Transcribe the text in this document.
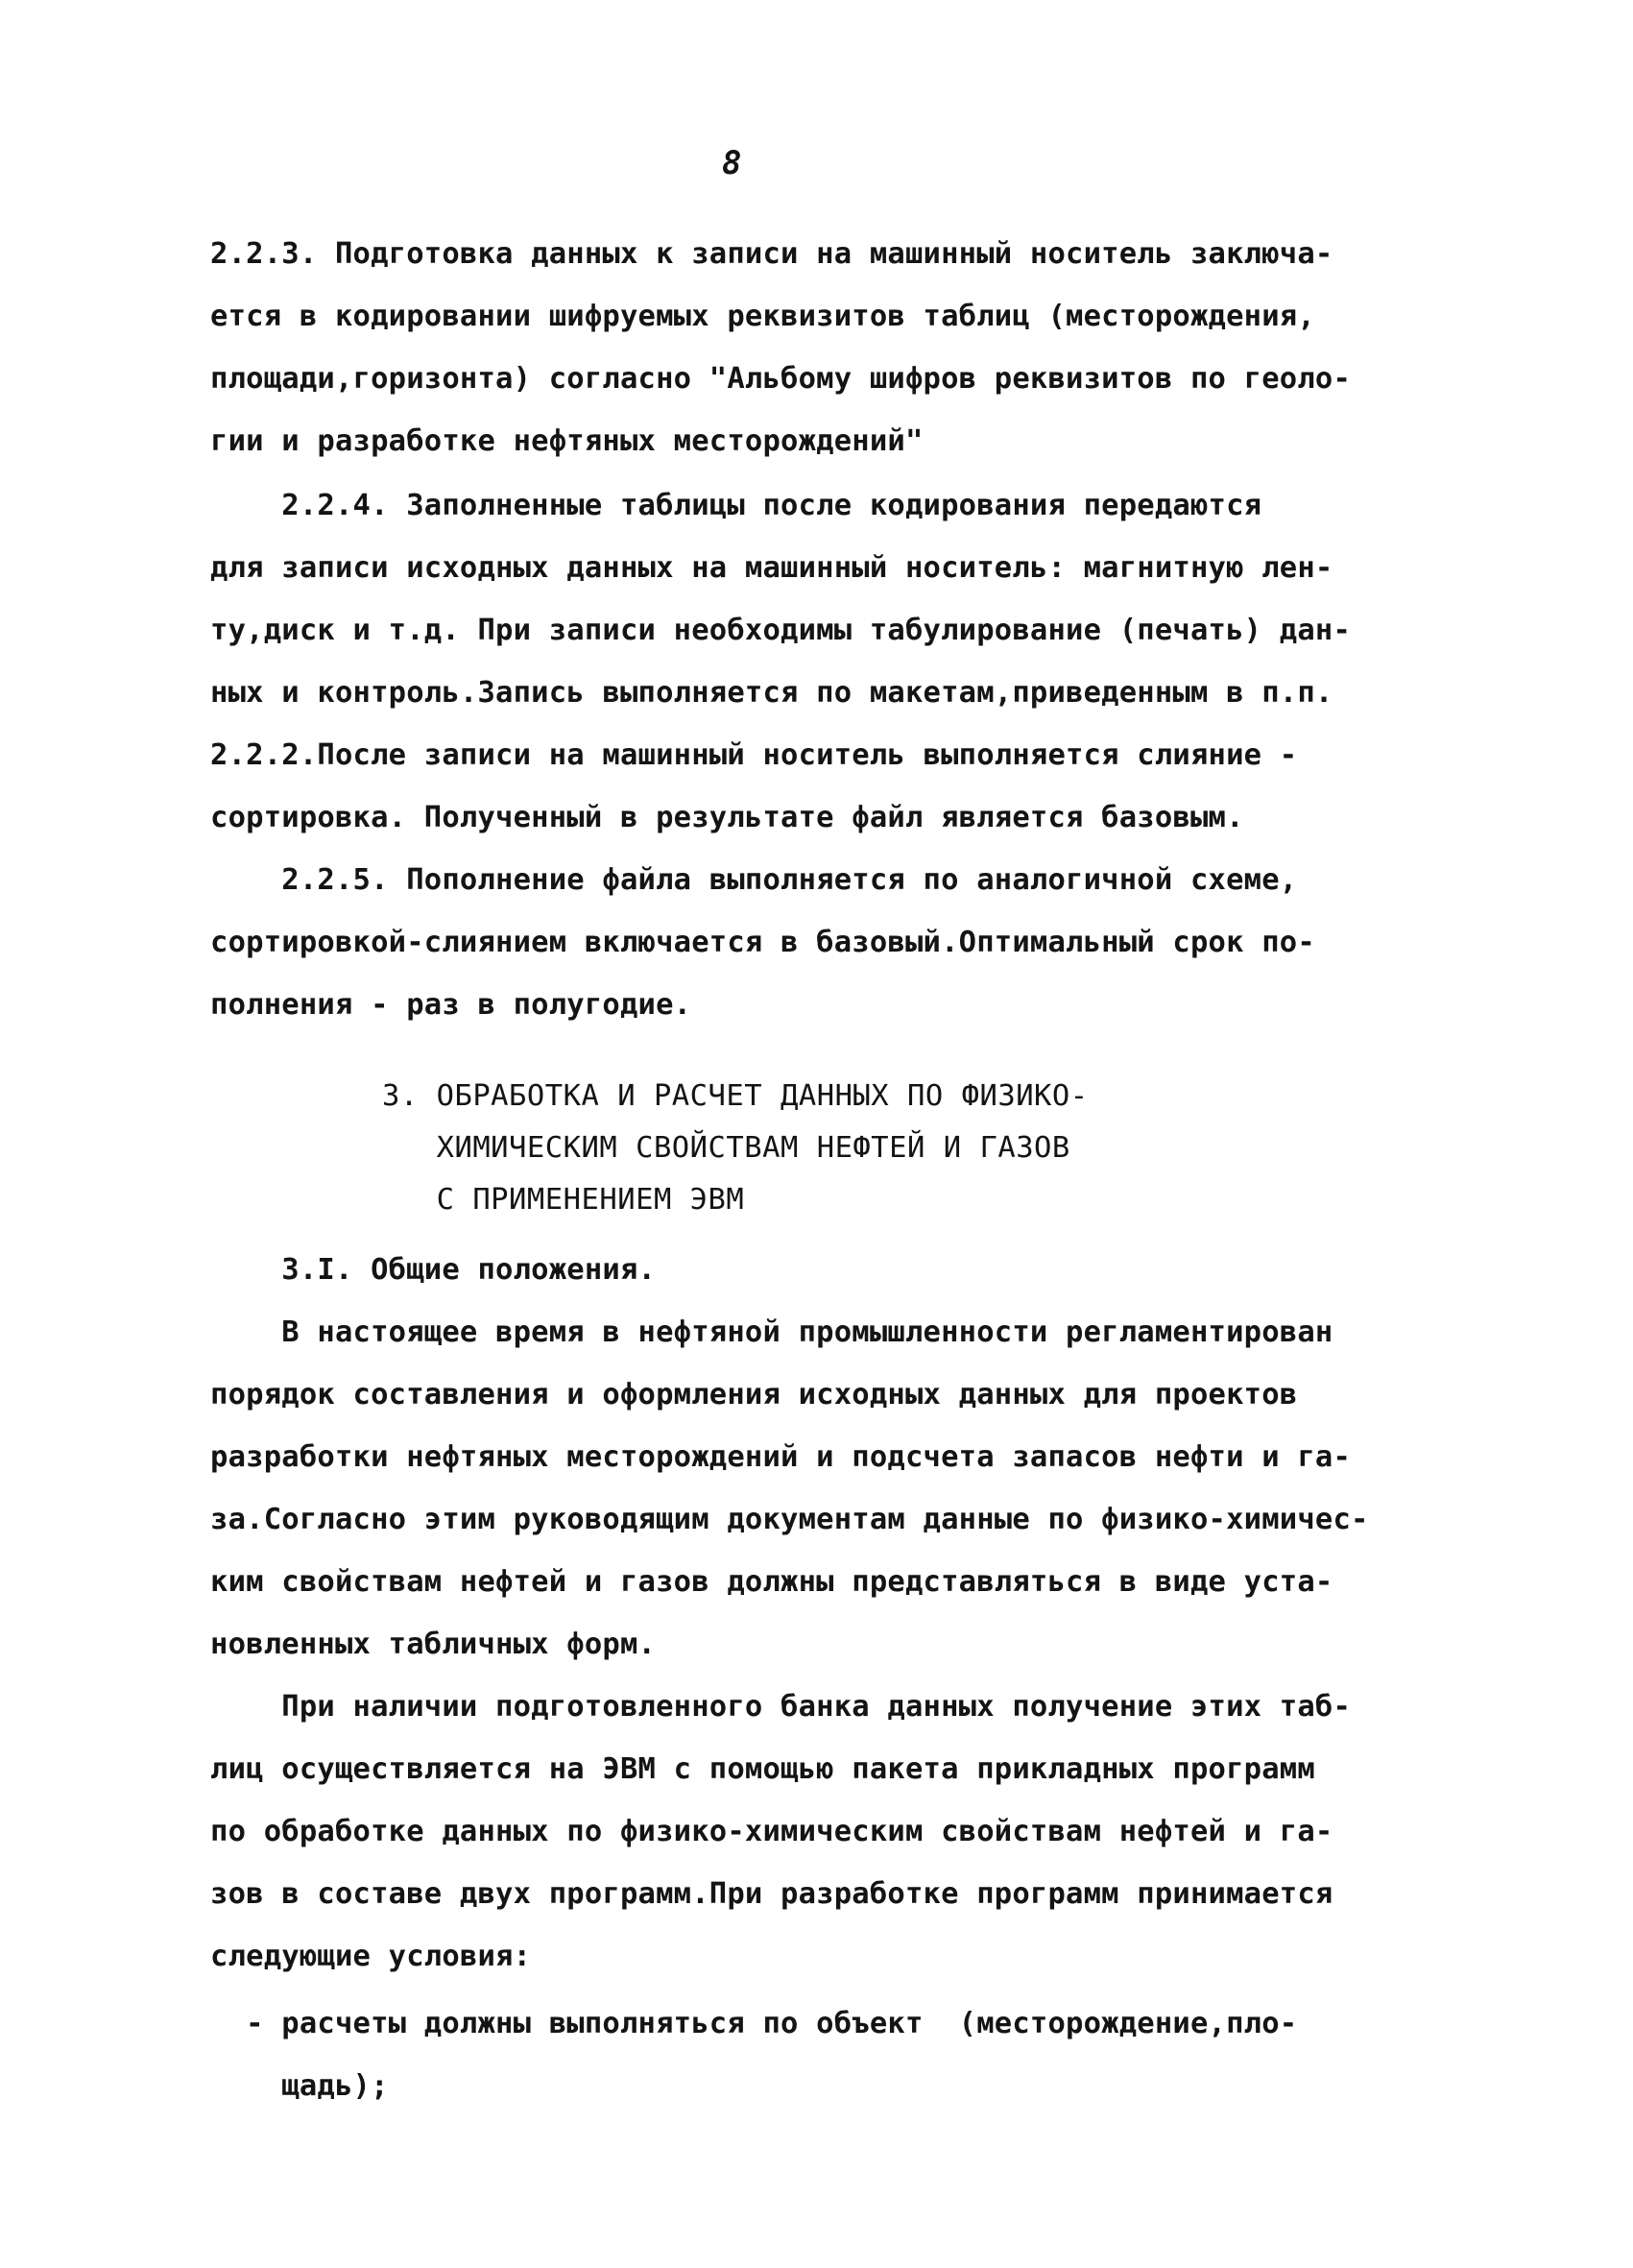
8
2.2.3. Подготовка данных к записи на машинный носитель заключа-
ется в кодировании шифруемых реквизитов таблиц (месторождения,
площади,горизонта) согласно "Альбому шифров реквизитов по геоло-
гии и разработке нефтяных месторождений"
2.2.4. Заполненные таблицы после кодирования передаются
для записи исходных данных на машинный носитель: магнитную лен-
ту,диск и т.д. При записи необходимы табулирование (печать) дан-
ных и контроль.Запись выполняется по макетам,приведенным в п.п.
2.2.2.После записи на машинный носитель выполняется слияние -
сортировка. Полученный в результате файл является базовым.
2.2.5. Пополнение файла выполняется по аналогичной схеме,
сортировкой-слиянием включается в базовый.Оптимальный срок по-
полнения - раз в полугодие.
3. ОБРАБОТКА И РАСЧЕТ ДАННЫХ ПО ФИЗИКО-
ХИМИЧЕСКИМ СВОЙСТВАМ НЕФТЕЙ И ГАЗОВ
С ПРИМЕНЕНИЕМ ЭВМ
3.I. Общие положения.
В настоящее время в нефтяной промышленности регламентирован
порядок составления и оформления исходных данных для проектов
разработки нефтяных месторождений и подсчета запасов нефти и га-
за.Согласно этим руководящим документам данные по физико-химичес-
ким свойствам нефтей и газов должны представляться в виде уста-
новленных табличных форм.
При наличии подготовленного банка данных получение этих таб-
лиц осуществляется на ЭВМ с помощью пакета прикладных программ
по обработке данных по физико-химическим свойствам нефтей и га-
зов в составе двух программ.При разработке программ принимается
следующие условия:
- расчеты должны выполняться по объект  (месторождение,пло-
щадь);
